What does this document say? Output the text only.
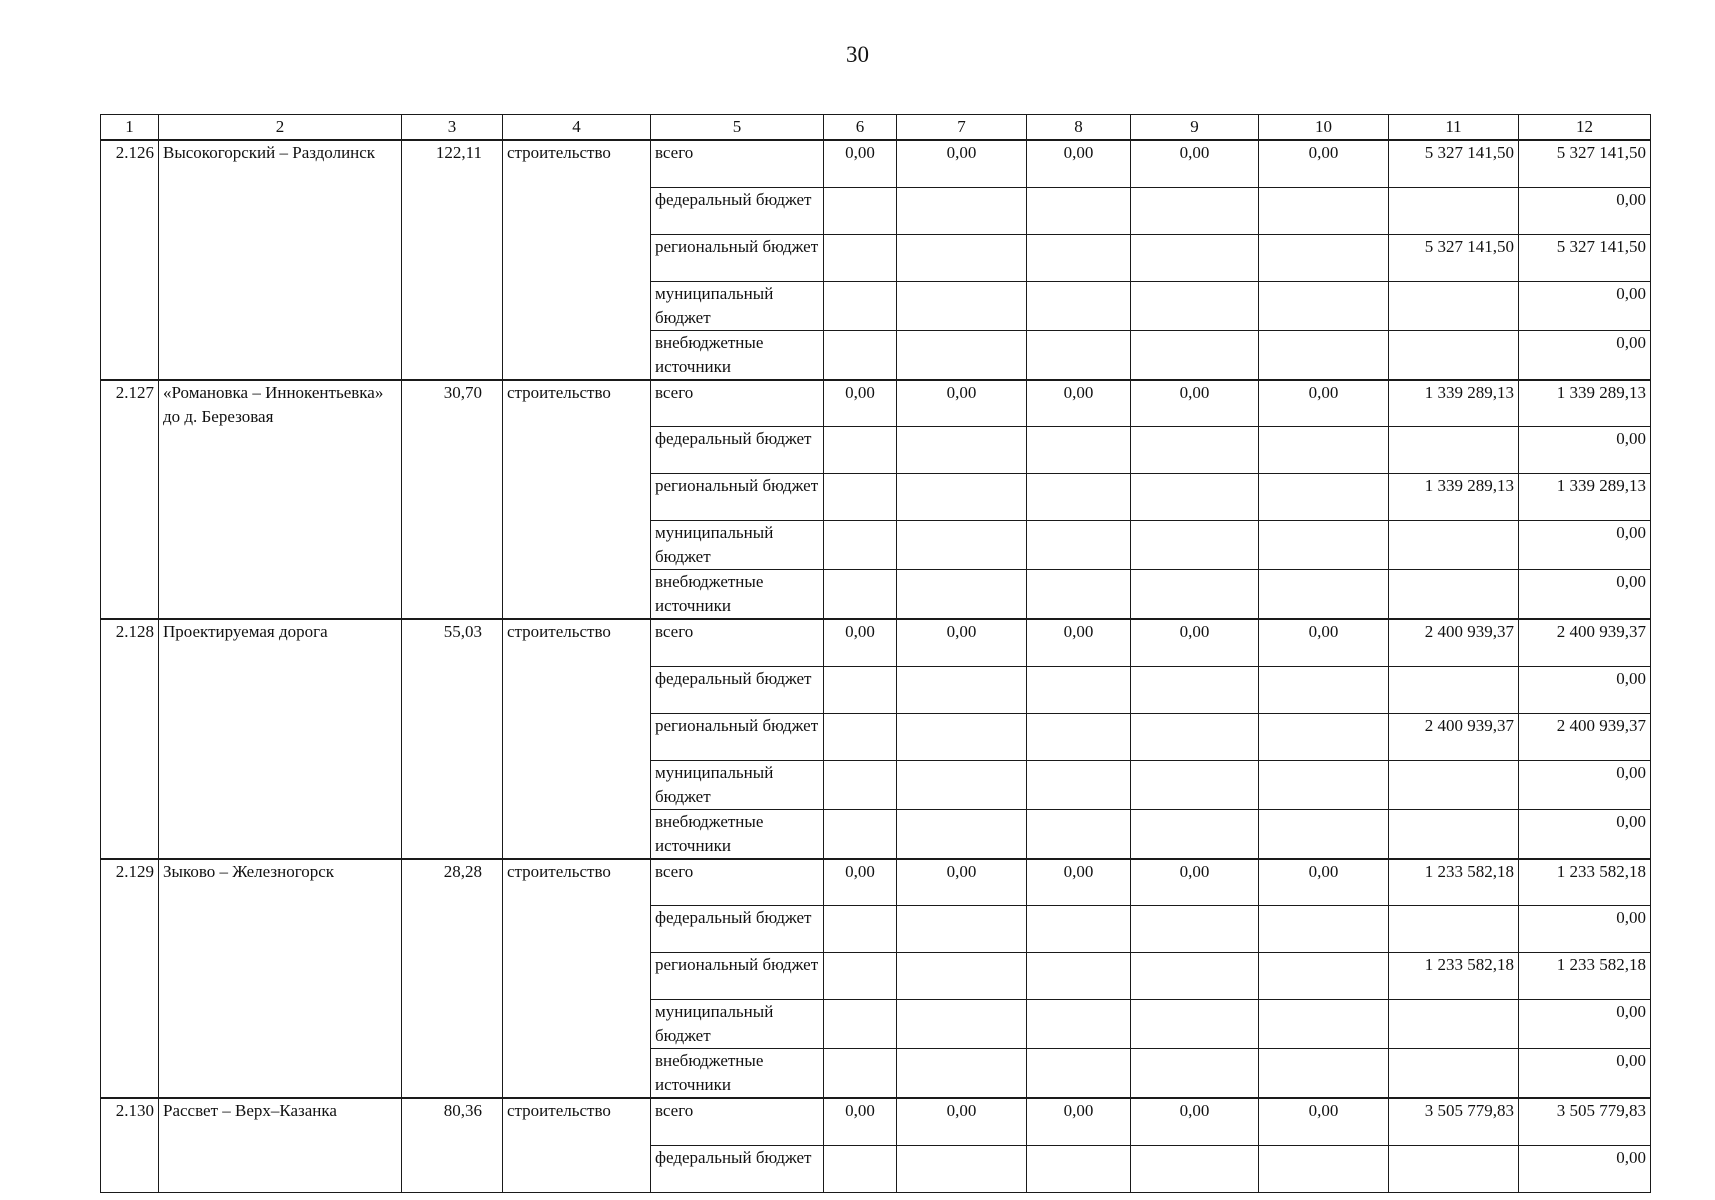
30
1	2	3	4	5	6	7	8	9	10	11	12
2.126	Высокогорский – Раздолинск	122,11	строительство	всего	0,00	0,00	0,00	0,00	0,00	5 327 141,50	5 327 141,50
				федеральный бюджет							0,00
				региональный бюджет						5 327 141,50	5 327 141,50
				муниципальный бюджет							0,00
				внебюджетные источники							0,00
2.127	«Романовка – Иннокентьевка» до д. Березовая	30,70	строительство	всего	0,00	0,00	0,00	0,00	0,00	1 339 289,13	1 339 289,13
				федеральный бюджет							0,00
				региональный бюджет						1 339 289,13	1 339 289,13
				муниципальный бюджет							0,00
				внебюджетные источники							0,00
2.128	Проектируемая дорога	55,03	строительство	всего	0,00	0,00	0,00	0,00	0,00	2 400 939,37	2 400 939,37
				федеральный бюджет							0,00
				региональный бюджет						2 400 939,37	2 400 939,37
				муниципальный бюджет							0,00
				внебюджетные источники							0,00
2.129	Зыково – Железногорск	28,28	строительство	всего	0,00	0,00	0,00	0,00	0,00	1 233 582,18	1 233 582,18
				федеральный бюджет							0,00
				региональный бюджет						1 233 582,18	1 233 582,18
				муниципальный бюджет							0,00
				внебюджетные источники							0,00
2.130	Рассвет – Верх–Казанка	80,36	строительство	всего	0,00	0,00	0,00	0,00	0,00	3 505 779,83	3 505 779,83
				федеральный бюджет							0,00
